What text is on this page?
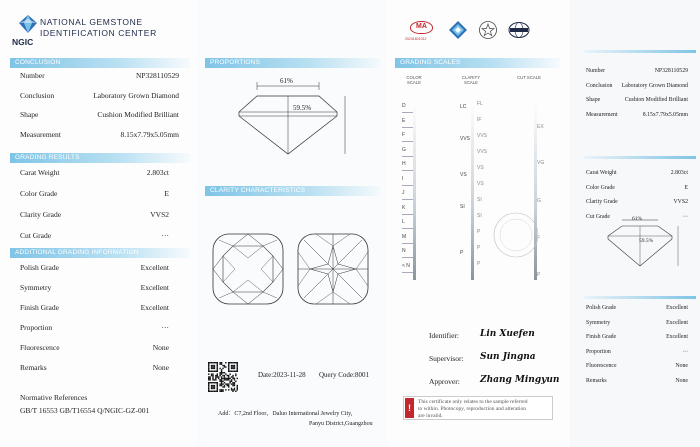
NATIONAL GEMSTONE
IDENTIFICATION CENTER
NGIC
CONCLUSION
Number	NP328110529
Conclusion	Laboratory Grown Diamond
Shape	Cushion Modified Brilliant
Measurement	8.15x7.79x5.05mm
GRADING RESULTS
Carat Weight	2.803ct
Color Grade	E
Clarity Grade	VVS2
Cut Grade	···
ADDITIONAL GRADING INFORMATION
Polish Grade	Excellent
Symmetry	Excellent
Finish Grade	Excellent
Proportion	···
Fluorescence	None
Remarks	None
Normative References
GB/T 16553 GB/T16554 Q/NGIC-GZ-001
PROPORTIONS
61%
59.5%
CLARITY CHARACTERISTICS
Date:2023-11-28 Query Code:8001
Add：C7,2nd Floor，Daluo International Jewelry City,
Panyu District,Guangzhou
MA
20231601012
GRADING SCALES
COLOR SCALE
CLARITY SCALE
CUT SCALE
D
E
F
G
H
I
J
K
L
M
N
< N
LC
VVS
VS
SI
P
FL
IF
VVS
VVS
VS
VS
SI
SI
P
P
P
EX
VG
G
F
P
Identifier: Lin Xuefen
Supervisor: Sun Jingna
Approver: Zhang Mingyun
!
This certificate only relates to the sample referred
to within. Photocopy, reproduction and alteration
are invalid.
Number	NP328110529
Conclusion Laboratory Grown Diamond
Shape	Cushion Modified Brilliant
Measurement	8.15x7.79x5.05mm
Carat Weight	2.803ct
Color Grade	E
Clarity Grade	VVS2
Cut Grade	···
61%
59.5%
Polish Grade	Excellent
Symmetry	Excellent
Finish Grade	Excellent
Proportion	···
Fluorescence	None
Remarks	None
